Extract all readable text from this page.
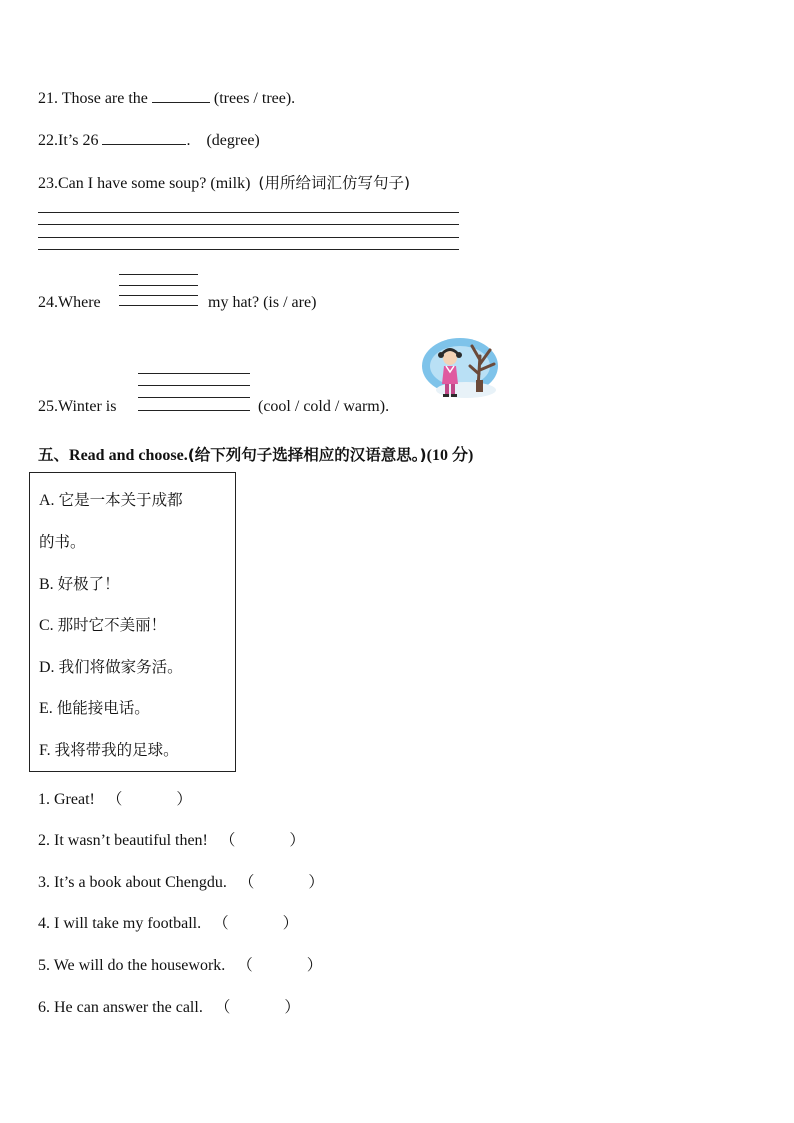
21. Those are the	(trees / tree).
22.It’s 26	. (degree)
23.Can I have some soup? (milk) (用所给词汇仿写句子)
24.Where	my hat? (is / are)
25.Winter is	(cool / cold / warm).
五、Read and choose.(给下列句子选择相应的汉语意思。)(10 分)
A. 它是一本关于成都
的书。
B. 好极了！
C. 那时它不美丽！
D. 我们将做家务活。
E. 他能接电话。
F. 我将带我的足球。
1. Great! （	）
2. It wasn’t beautiful then! （	）
3. It’s a book about Chengdu. （	）
4. I will take my football. （	）
5. We will do the housework. （	）
6. He can answer the call. （	）
